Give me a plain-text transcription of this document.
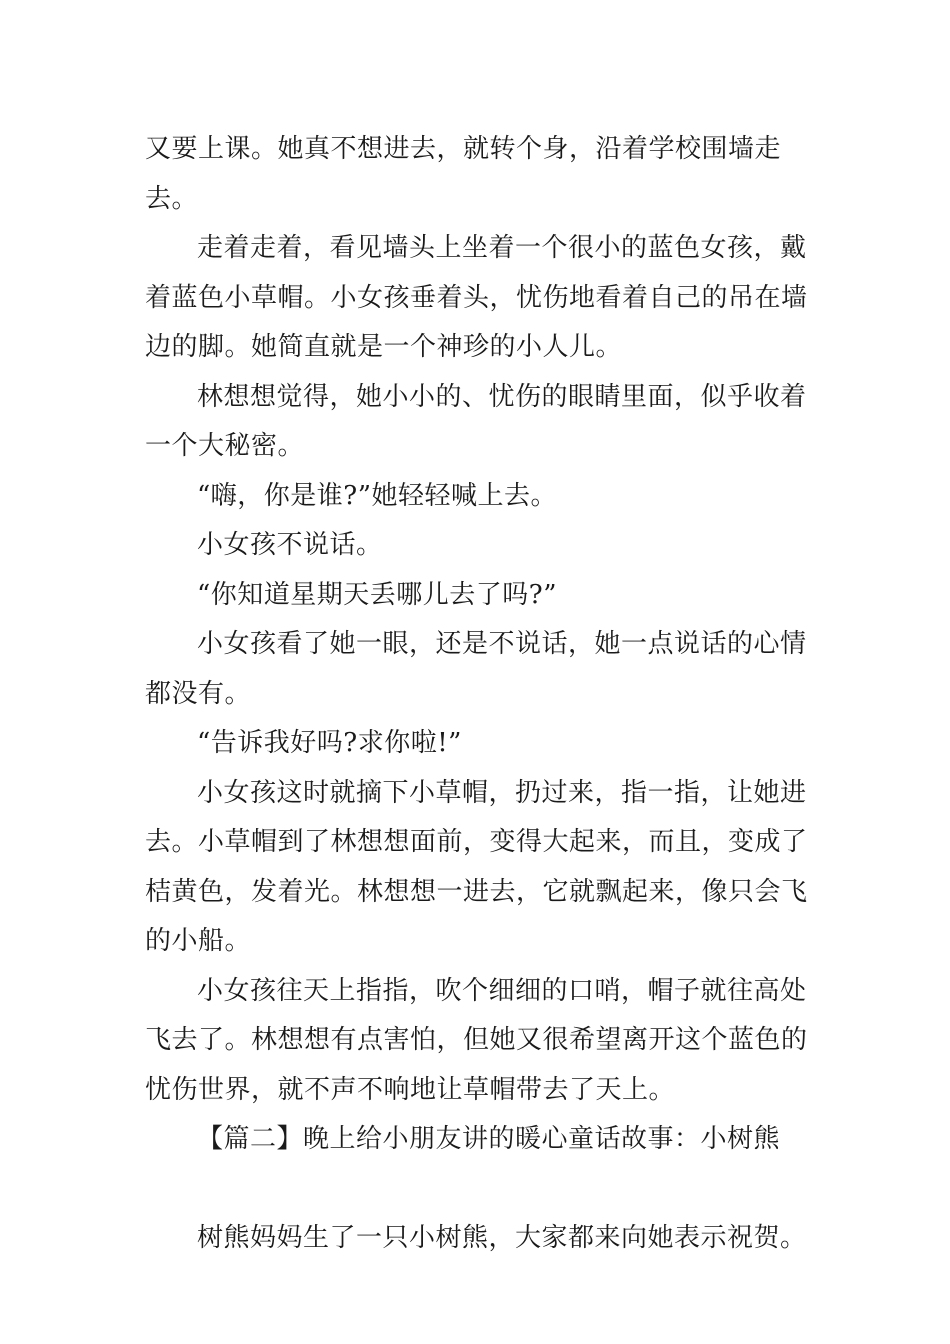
又要上课。她真不想进去，就转个身，沿着学校围墙走去。

走着走着，看见墙头上坐着一个很小的蓝色女孩，戴着蓝色小草帽。小女孩垂着头，忧伤地看着自己的吊在墙边的脚。她简直就是一个神珍的小人儿。

林想想觉得，她小小的、忧伤的眼睛里面，似乎收着一个大秘密。

“嗨，你是谁?”她轻轻喊上去。

小女孩不说话。

“你知道星期天丢哪儿去了吗?”

小女孩看了她一眼，还是不说话，她一点说话的心情都没有。

“告诉我好吗?求你啦!”

小女孩这时就摘下小草帽，扔过来，指一指，让她进去。小草帽到了林想想面前，变得大起来，而且，变成了桔黄色，发着光。林想想一进去，它就飘起来，像只会飞的小船。

小女孩往天上指指，吹个细细的口哨，帽子就往高处飞去了。林想想有点害怕，但她又很希望离开这个蓝色的忧伤世界，就不声不响地让草帽带去了天上。

【篇二】晚上给小朋友讲的暖心童话故事：小树熊

树熊妈妈生了一只小树熊，大家都来向她表示祝贺。
